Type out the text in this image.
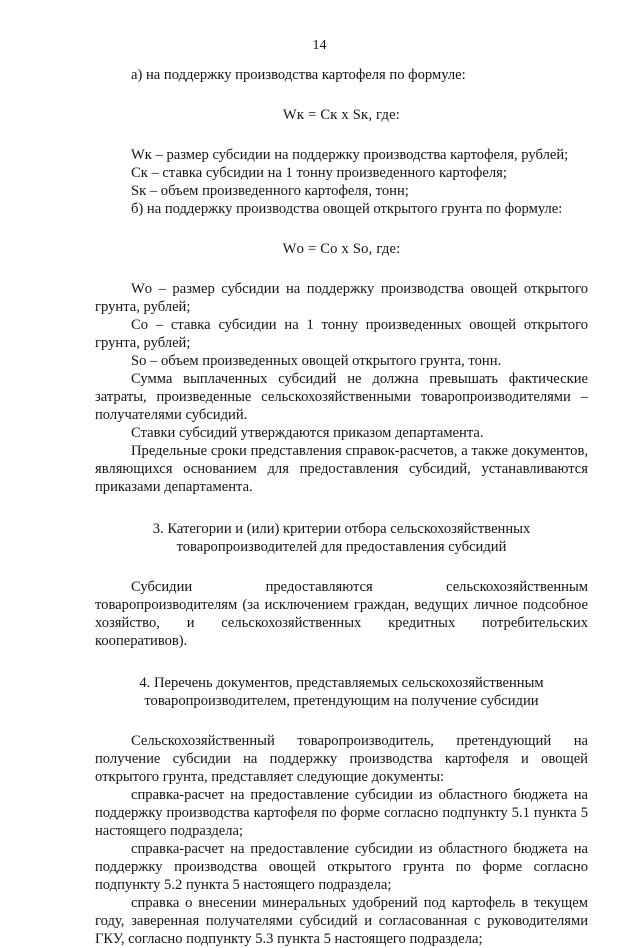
14

а) на поддержку производства картофеля по формуле:

Wк = Cк x Sк, где:

Wк – размер субсидии на поддержку производства картофеля, рублей;

Cк – ставка субсидии на 1 тонну произведенного картофеля;

Sк – объем произведенного картофеля, тонн;

б) на поддержку производства овощей открытого грунта по формуле:

Wо = Cо x Sо, где:

Wо – размер субсидии на поддержку производства овощей открытого грунта, рублей;

Cо – ставка субсидии на 1 тонну произведенных овощей открытого грунта, рублей;

Sо – объем произведенных овощей открытого грунта, тонн.

Сумма выплаченных субсидий не должна превышать фактические затраты, произведенные сельскохозяйственными товаропроизводителями – получателями субсидий.

Ставки субсидий утверждаются приказом департамента.

Предельные сроки представления справок-расчетов, а также документов, являющихся основанием для предоставления субсидий, устанавливаются приказами департамента.

3. Категории и (или) критерии отбора сельскохозяйственных товаропроизводителей для предоставления субсидий

Субсидии предоставляются сельскохозяйственным товаропроизводителям (за исключением граждан, ведущих личное подсобное хозяйство, и сельскохозяйственных кредитных потребительских кооперативов).

4. Перечень документов, представляемых сельскохозяйственным товаропроизводителем, претендующим на получение субсидии

Сельскохозяйственный товаропроизводитель, претендующий на получение субсидии на поддержку производства картофеля и овощей открытого грунта, представляет следующие документы:

справка-расчет на предоставление субсидии из областного бюджета на поддержку производства картофеля по форме согласно подпункту 5.1 пункта 5 настоящего подраздела;

справка-расчет на предоставление субсидии из областного бюджета на поддержку производства овощей открытого грунта по форме согласно подпункту 5.2 пункта 5 настоящего подраздела;

справка о внесении минеральных удобрений под картофель в текущем году, заверенная получателями субсидий и согласованная с руководителями ГКУ, согласно подпункту 5.3 пункта 5 настоящего подраздела;
